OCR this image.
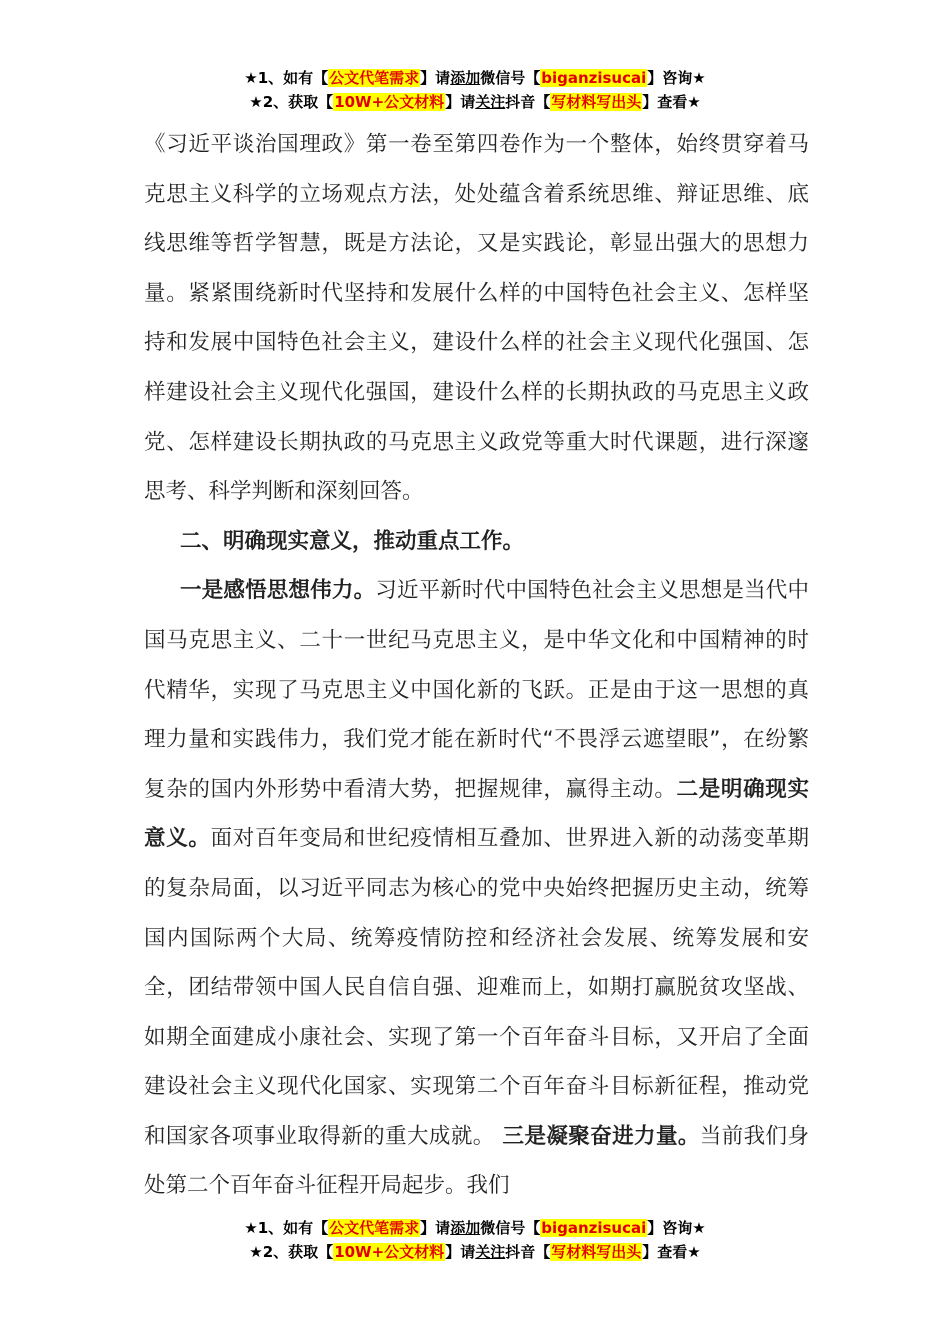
★1、如有【公文代笔需求】请添加微信号【biganzisucai】咨询★
★2、获取【10W+公文材料】请关注抖音【写材料写出头】查看★

《习近平谈治国理政》第一卷至第四卷作为一个整体，始终贯穿着马克思主义科学的立场观点方法，处处蕴含着系统思维、辩证思维、底线思维等哲学智慧，既是方法论，又是实践论，彰显出强大的思想力量。紧紧围绕新时代坚持和发展什么样的中国特色社会主义、怎样坚持和发展中国特色社会主义，建设什么样的社会主义现代化强国、怎样建设社会主义现代化强国，建设什么样的长期执政的马克思主义政党、怎样建设长期执政的马克思主义政党等重大时代课题，进行深邃思考、科学判断和深刻回答。

二、明确现实意义，推动重点工作。

一是感悟思想伟力。习近平新时代中国特色社会主义思想是当代中国马克思主义、二十一世纪马克思主义，是中华文化和中国精神的时代精华，实现了马克思主义中国化新的飞跃。正是由于这一思想的真理力量和实践伟力，我们党才能在新时代“不畏浮云遮望眼”，在纷繁复杂的国内外形势中看清大势，把握规律，赢得主动。二是明确现实意义。面对百年变局和世纪疫情相互叠加、世界进入新的动荡变革期的复杂局面，以习近平同志为核心的党中央始终把握历史主动，统筹国内国际两个大局、统筹疫情防控和经济社会发展、统筹发展和安全，团结带领中国人民自信自强、迎难而上，如期打赢脱贫攻坚战、如期全面建成小康社会、实现了第一个百年奋斗目标，又开启了全面建设社会主义现代化国家、实现第二个百年奋斗目标新征程，推动党和国家各项事业取得新的重大成就。 三是凝聚奋进力量。当前我们身处第二个百年奋斗征程开局起步。我们

★1、如有【公文代笔需求】请添加微信号【biganzisucai】咨询★
★2、获取【10W+公文材料】请关注抖音【写材料写出头】查看★
